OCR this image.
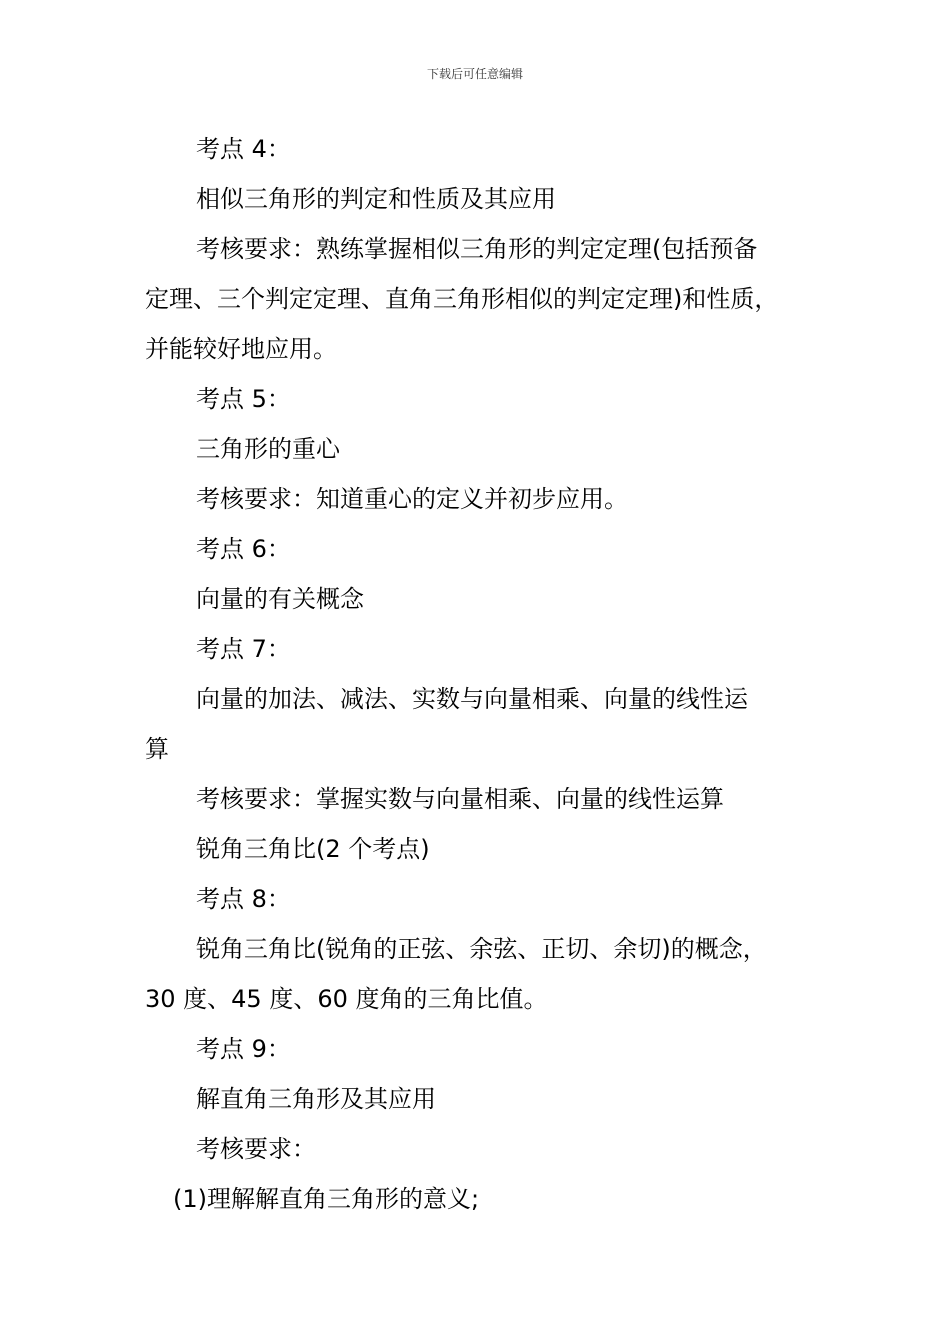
下载后可任意编辑
考点 4：
相似三角形的判定和性质及其应用
考核要求：熟练掌握相似三角形的判定定理(包括预备
定理、三个判定定理、直角三角形相似的判定定理)和性质，
并能较好地应用。
考点 5：
三角形的重心
考核要求：知道重心的定义并初步应用。
考点 6：
向量的有关概念
考点 7：
向量的加法、减法、实数与向量相乘、向量的线性运
算
考核要求：掌握实数与向量相乘、向量的线性运算
锐角三角比(2 个考点)
考点 8：
锐角三角比(锐角的正弦、余弦、正切、余切)的概念，
30 度、45 度、60 度角的三角比值。
考点 9：
解直角三角形及其应用
考核要求：
(1)理解解直角三角形的意义;
